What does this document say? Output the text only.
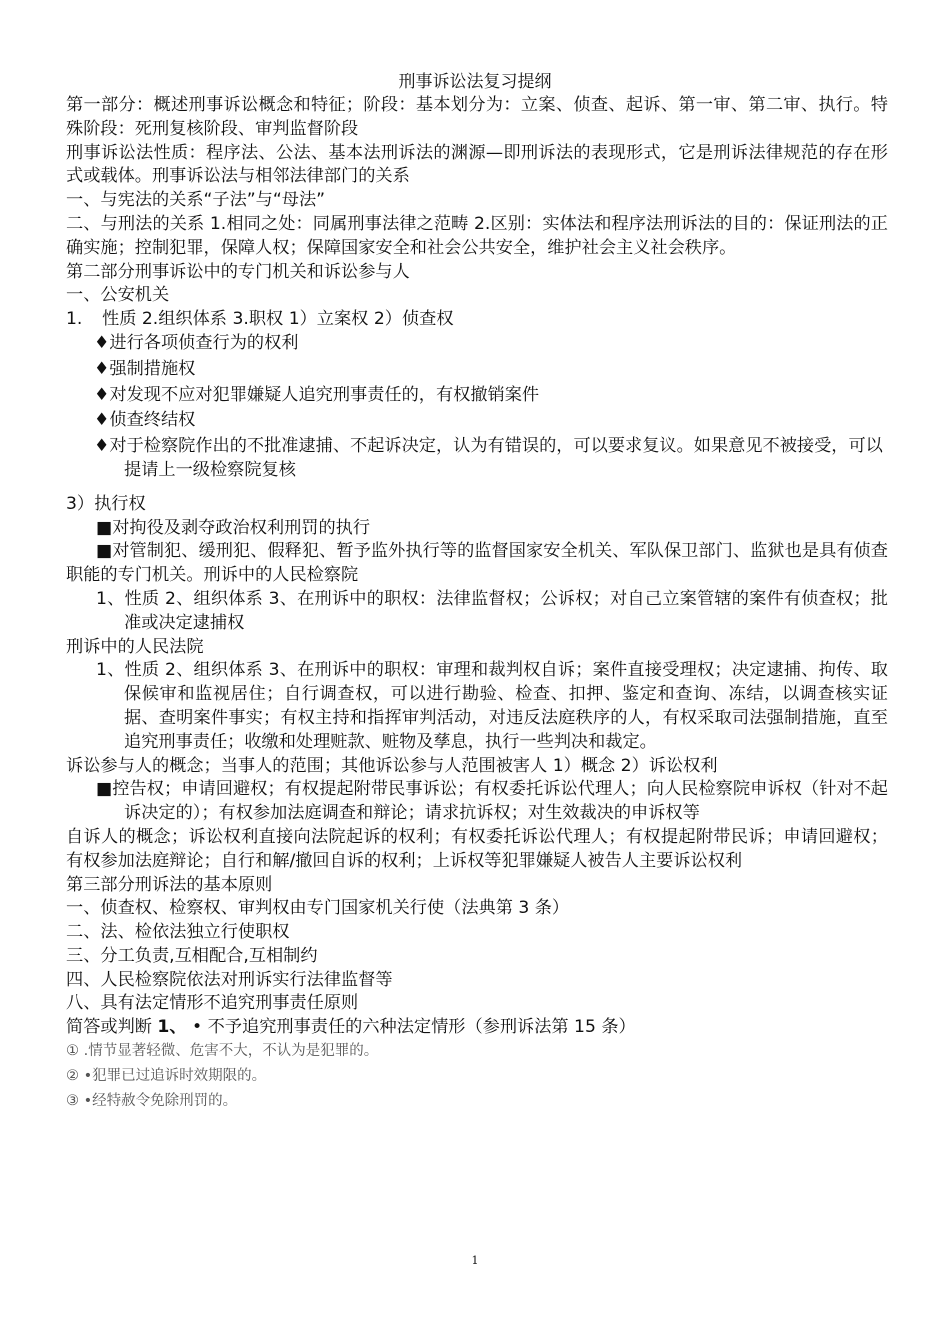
刑事诉讼法复习提纲

第一部分：概述刑事诉讼概念和特征；阶段：基本划分为：立案、侦查、起诉、第一审、第二审、执行。特殊阶段：死刑复核阶段、审判监督阶段

刑事诉讼法性质：程序法、公法、基本法刑诉法的渊源—即刑诉法的表现形式，它是刑诉法律规范的存在形式或载体。刑事诉讼法与相邻法律部门的关系

一、与宪法的关系“子法”与“母法”

二、与刑法的关系 1.相同之处：同属刑事法律之范畴 2.区别：实体法和程序法刑诉法的目的：保证刑法的正确实施；控制犯罪，保障人权；保障国家安全和社会公共安全，维护社会主义社会秩序。

第二部分刑事诉讼中的专门机关和诉讼参与人

一、公安机关

1. 性质 2.组织体系 3.职权 1）立案权 2）侦查权

♦进行各项侦查行为的权利

♦强制措施权

♦对发现不应对犯罪嫌疑人追究刑事责任的，有权撤销案件

♦侦查终结权

♦对于检察院作出的不批准逮捕、不起诉决定，认为有错误的，可以要求复议。如果意见不被接受，可以提请上一级检察院复核

3）执行权

■对拘役及剥夺政治权利刑罚的执行

■对管制犯、缓刑犯、假释犯、暂予监外执行等的监督国家安全机关、军队保卫部门、监狱也是具有侦查职能的专门机关。刑诉中的人民检察院

1、性质 2、组织体系 3、在刑诉中的职权：法律监督权；公诉权；对自己立案管辖的案件有侦查权；批准或决定逮捕权

刑诉中的人民法院

1、性质 2、组织体系 3、在刑诉中的职权：审理和裁判权自诉；案件直接受理权；决定逮捕、拘传、取保候审和监视居住；自行调查权，可以进行勘验、检查、扣押、鉴定和查询、冻结，以调查核实证据、查明案件事实；有权主持和指挥审判活动，对违反法庭秩序的人，有权采取司法强制措施，直至追究刑事责任；收缴和处理赃款、赃物及孳息，执行一些判决和裁定。

诉讼参与人的概念；当事人的范围；其他诉讼参与人范围被害人 1）概念 2）诉讼权利

■控告权；申请回避权；有权提起附带民事诉讼；有权委托诉讼代理人；向人民检察院申诉权（针对不起诉决定的）；有权参加法庭调查和辩论；请求抗诉权；对生效裁决的申诉权等

自诉人的概念；诉讼权利直接向法院起诉的权利；有权委托诉讼代理人；有权提起附带民诉；申请回避权；有权参加法庭辩论；自行和解/撤回自诉的权利；上诉权等犯罪嫌疑人被告人主要诉讼权利

第三部分刑诉法的基本原则

一、侦查权、检察权、审判权由专门国家机关行使（法典第 3 条）

二、法、检依法独立行使职权

三、分工负责,互相配合,互相制约

四、人民检察院依法对刑诉实行法律监督等

八、具有法定情形不追究刑事责任原则

简答或判断 1、 • 不予追究刑事责任的六种法定情形（参刑诉法第 15 条）

① .情节显著轻微、危害不大，不认为是犯罪的。

② •犯罪已过追诉时效期限的。

③ •经特赦令免除刑罚的。

1
